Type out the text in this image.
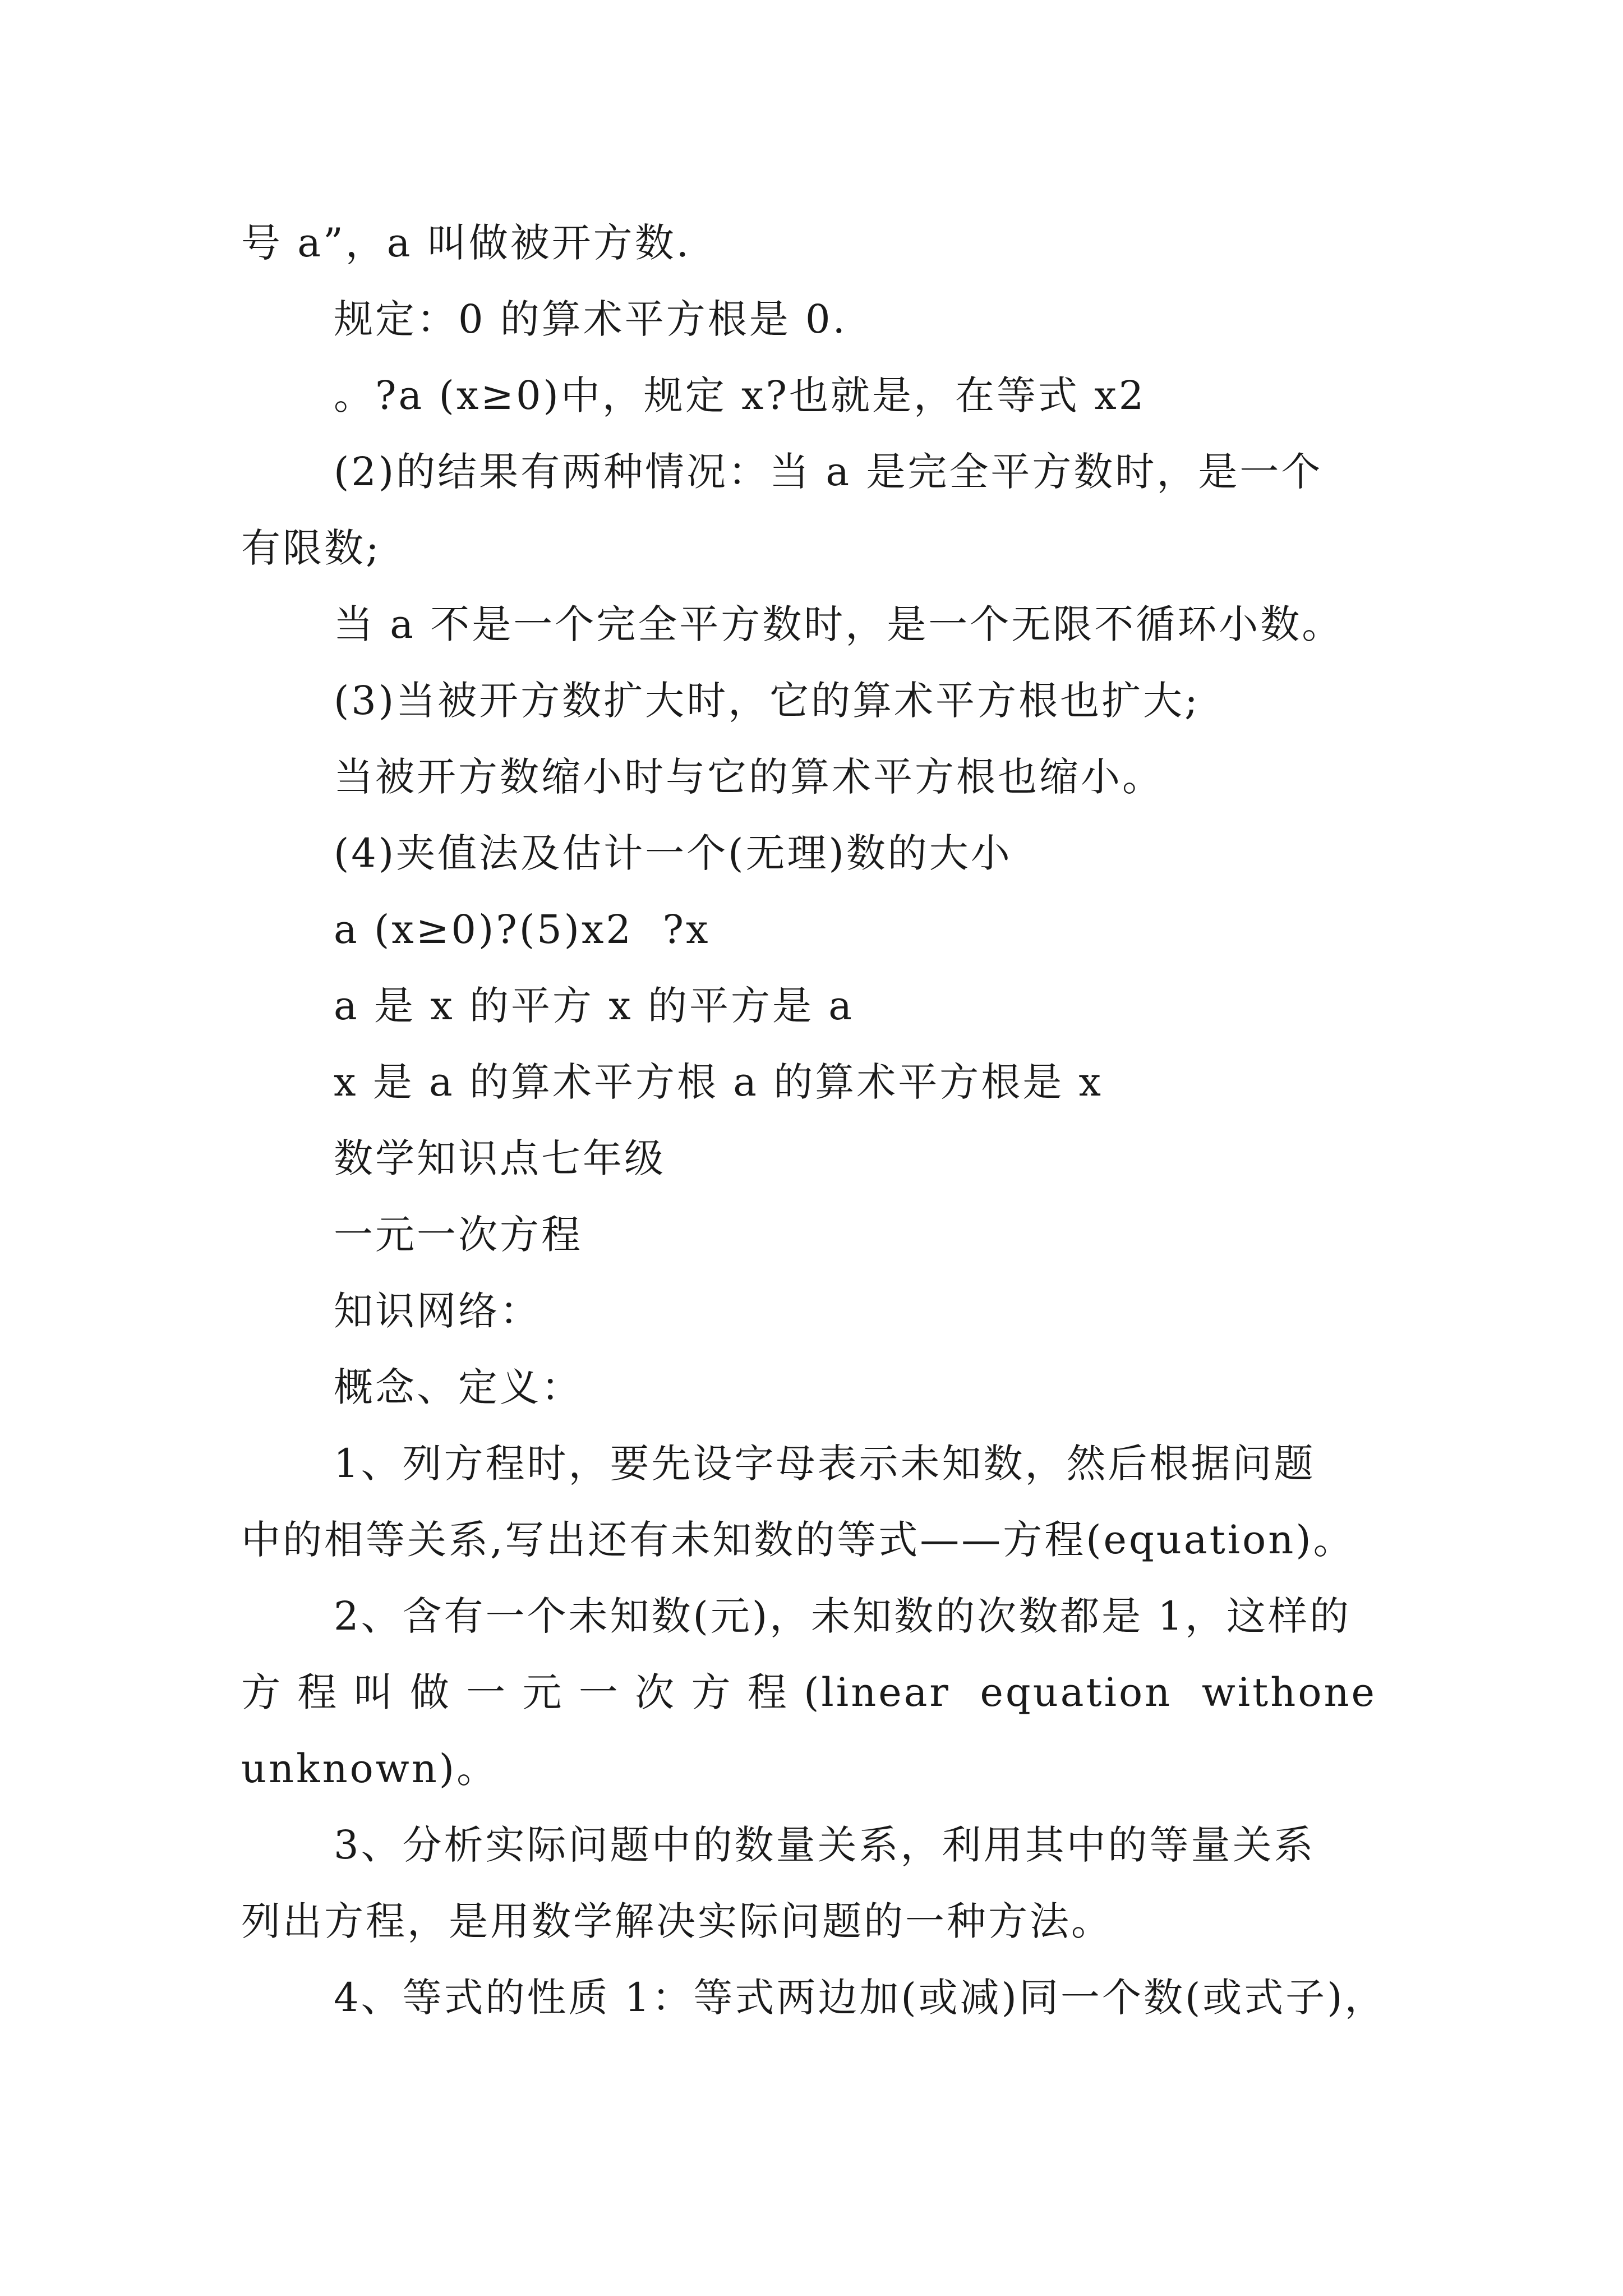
号 a”，a 叫做被开方数.
规定：0 的算术平方根是 0.
。?a (x≥0)中，规定 x?也就是，在等式 x2
(2)的结果有两种情况：当 a 是完全平方数时，是一个
有限数;
当 a 不是一个完全平方数时，是一个无限不循环小数。
(3)当被开方数扩大时，它的算术平方根也扩大;
当被开方数缩小时与它的算术平方根也缩小。
(4)夹值法及估计一个(无理)数的大小
a (x≥0)?(5)x2  ?x
a 是 x 的平方 x 的平方是 a
x 是 a 的算术平方根 a 的算术平方根是 x
数学知识点七年级
一元一次方程
知识网络：
概念、定义：
1、列方程时，要先设字母表示未知数，然后根据问题
中的相等关系,写出还有未知数的等式——方程(equation)。
2、含有一个未知数(元)，未知数的次数都是 1，这样的
方 程 叫 做 一 元 一 次 方 程 (linear  equation  withone
unknown)。
3、分析实际问题中的数量关系，利用其中的等量关系
列出方程，是用数学解决实际问题的一种方法。
4、等式的性质 1：等式两边加(或减)同一个数(或式子)，
